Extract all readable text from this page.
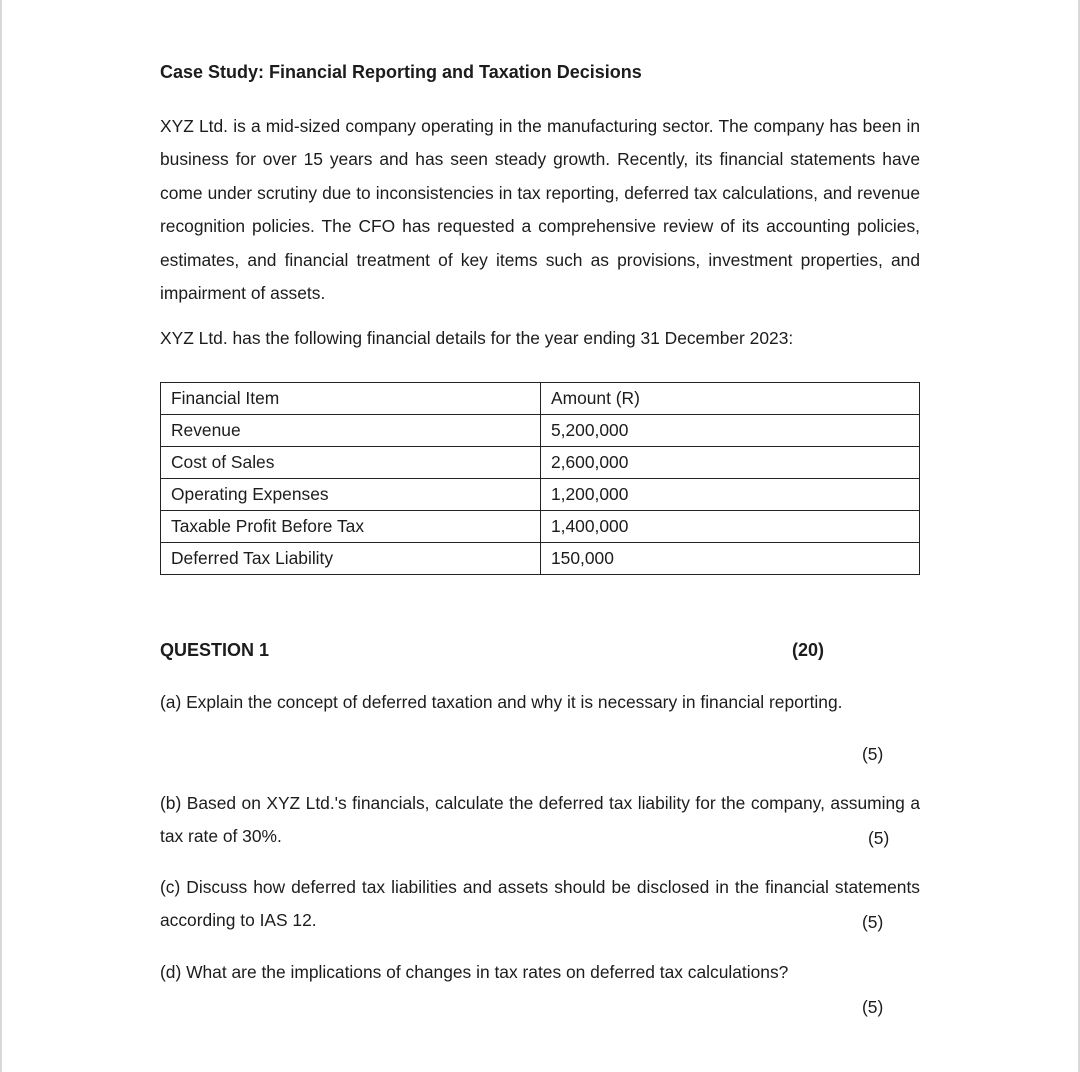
Case Study: Financial Reporting and Taxation Decisions

XYZ Ltd. is a mid-sized company operating in the manufacturing sector. The company has been in business for over 15 years and has seen steady growth. Recently, its financial statements have come under scrutiny due to inconsistencies in tax reporting, deferred tax calculations, and revenue recognition policies. The CFO has requested a comprehensive review of its accounting policies, estimates, and financial treatment of key items such as provisions, investment properties, and impairment of assets.

XYZ Ltd. has the following financial details for the year ending 31 December 2023:

Financial Item	Amount (R)
Revenue	5,200,000
Cost of Sales	2,600,000
Operating Expenses	1,200,000
Taxable Profit Before Tax	1,400,000
Deferred Tax Liability	150,000
QUESTION 1	(20)

(a) Explain the concept of deferred taxation and why it is necessary in financial reporting.

(5)

(b) Based on XYZ Ltd.'s financials, calculate the deferred tax liability for the company, assuming a tax rate of 30%.	(5)

(c) Discuss how deferred tax liabilities and assets should be disclosed in the financial statements according to IAS 12.	(5)

(d) What are the implications of changes in tax rates on deferred tax calculations?

(5)
